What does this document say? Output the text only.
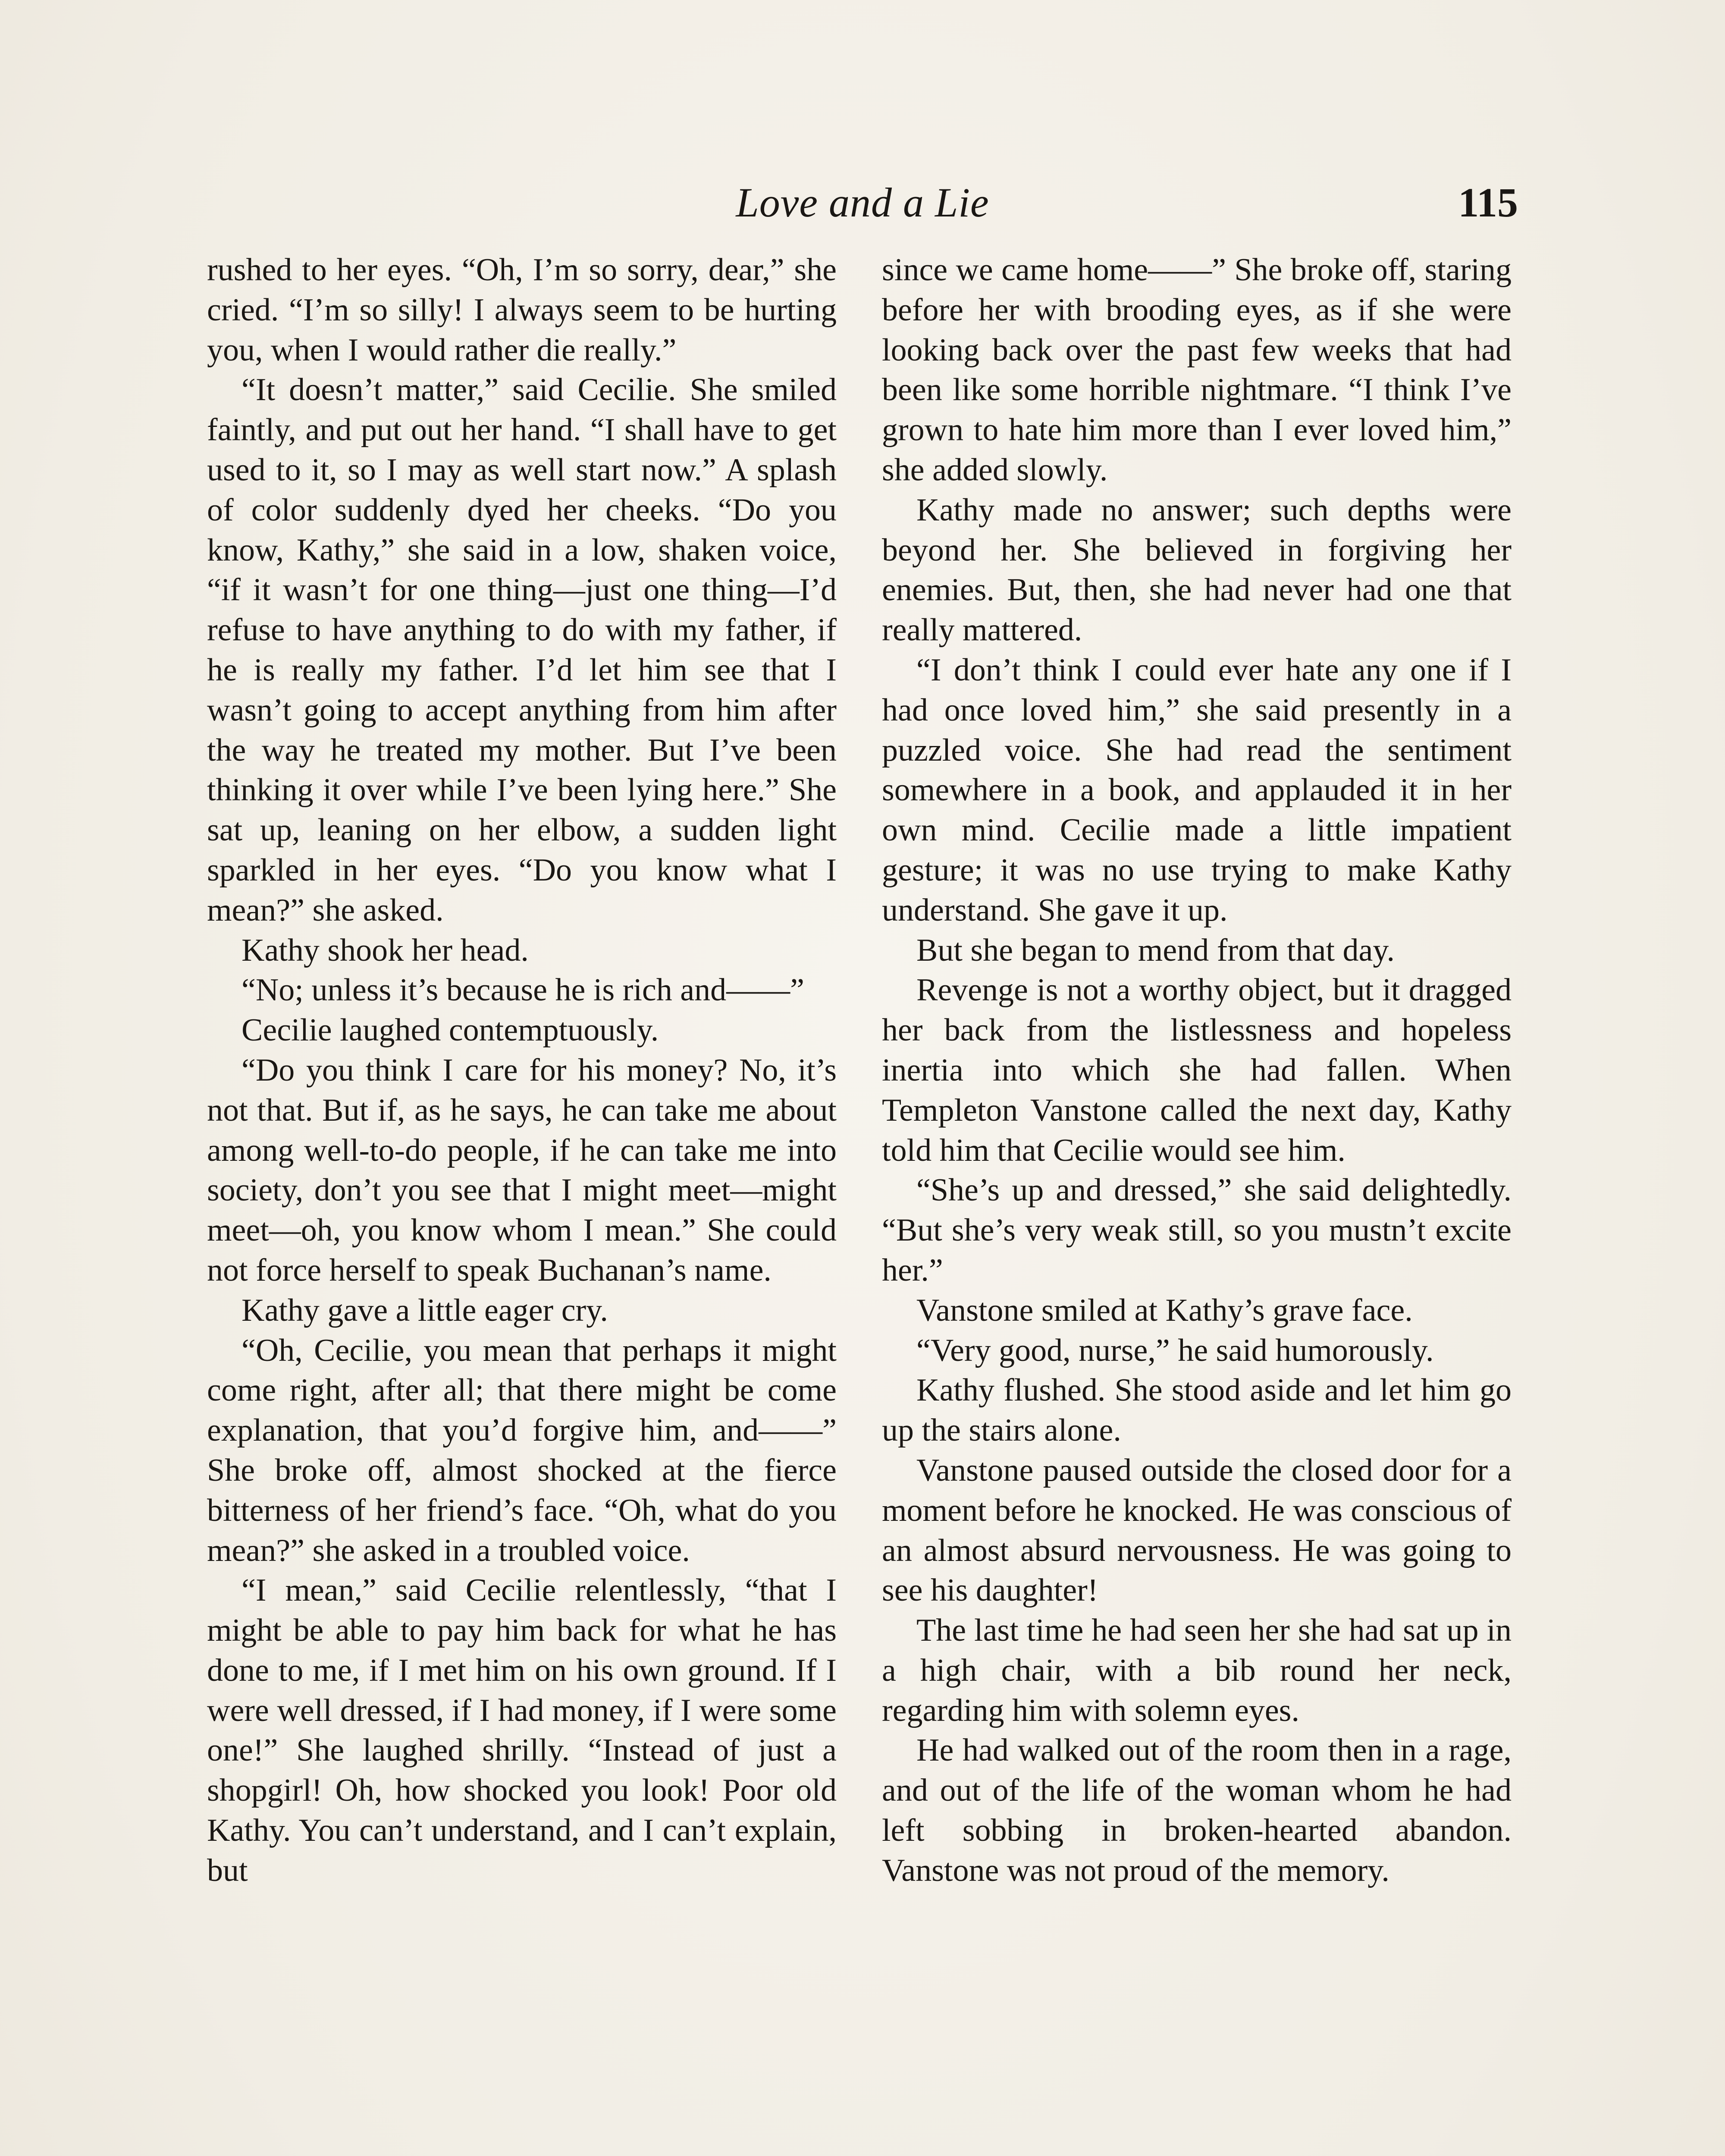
Love and a Lie	115

rushed to her eyes. “Oh, I’m so sorry, dear,” she cried. “I’m so silly! I always seem to be hurting you, when I would rather die really.”

“It doesn’t matter,” said Cecilie. She smiled faintly, and put out her hand. “I shall have to get used to it, so I may as well start now.” A splash of color suddenly dyed her cheeks. “Do you know, Kathy,” she said in a low, shaken voice, “if it wasn’t for one thing—just one thing—I’d refuse to have anything to do with my father, if he is really my father. I’d let him see that I wasn’t going to accept anything from him after the way he treated my mother. But I’ve been thinking it over while I’ve been lying here.” She sat up, leaning on her elbow, a sudden light sparkled in her eyes. “Do you know what I mean?” she asked.

Kathy shook her head.

“No; unless it’s because he is rich and——”

Cecilie laughed contemptuously.

“Do you think I care for his money? No, it’s not that. But if, as he says, he can take me about among well-to-do people, if he can take me into society, don’t you see that I might meet—might meet—oh, you know whom I mean.” She could not force herself to speak Buchanan’s name.

Kathy gave a little eager cry.

“Oh, Cecilie, you mean that perhaps it might come right, after all; that there might be come explanation, that you’d forgive him, and——” She broke off, almost shocked at the fierce bitterness of her friend’s face. “Oh, what do you mean?” she asked in a troubled voice.

“I mean,” said Cecilie relentlessly, “that I might be able to pay him back for what he has done to me, if I met him on his own ground. If I were well dressed, if I had money, if I were some one!” She laughed shrilly. “Instead of just a shopgirl! Oh, how shocked you look! Poor old Kathy. You can’t understand, and I can’t explain, but

since we came home——” She broke off, staring before her with brooding eyes, as if she were looking back over the past few weeks that had been like some horrible nightmare. “I think I’ve grown to hate him more than I ever loved him,” she added slowly.

Kathy made no answer; such depths were beyond her. She believed in forgiving her enemies. But, then, she had never had one that really mattered.

“I don’t think I could ever hate any one if I had once loved him,” she said presently in a puzzled voice. She had read the sentiment somewhere in a book, and applauded it in her own mind. Cecilie made a little impatient gesture; it was no use trying to make Kathy understand. She gave it up.

But she began to mend from that day.

Revenge is not a worthy object, but it dragged her back from the listlessness and hopeless inertia into which she had fallen. When Templeton Vanstone called the next day, Kathy told him that Cecilie would see him.

“She’s up and dressed,” she said delightedly. “But she’s very weak still, so you mustn’t excite her.”

Vanstone smiled at Kathy’s grave face.

“Very good, nurse,” he said humorously.

Kathy flushed. She stood aside and let him go up the stairs alone.

Vanstone paused outside the closed door for a moment before he knocked. He was conscious of an almost absurd nervousness. He was going to see his daughter!

The last time he had seen her she had sat up in a high chair, with a bib round her neck, regarding him with solemn eyes.

He had walked out of the room then in a rage, and out of the life of the woman whom he had left sobbing in broken-hearted abandon. Vanstone was not proud of the memory.
